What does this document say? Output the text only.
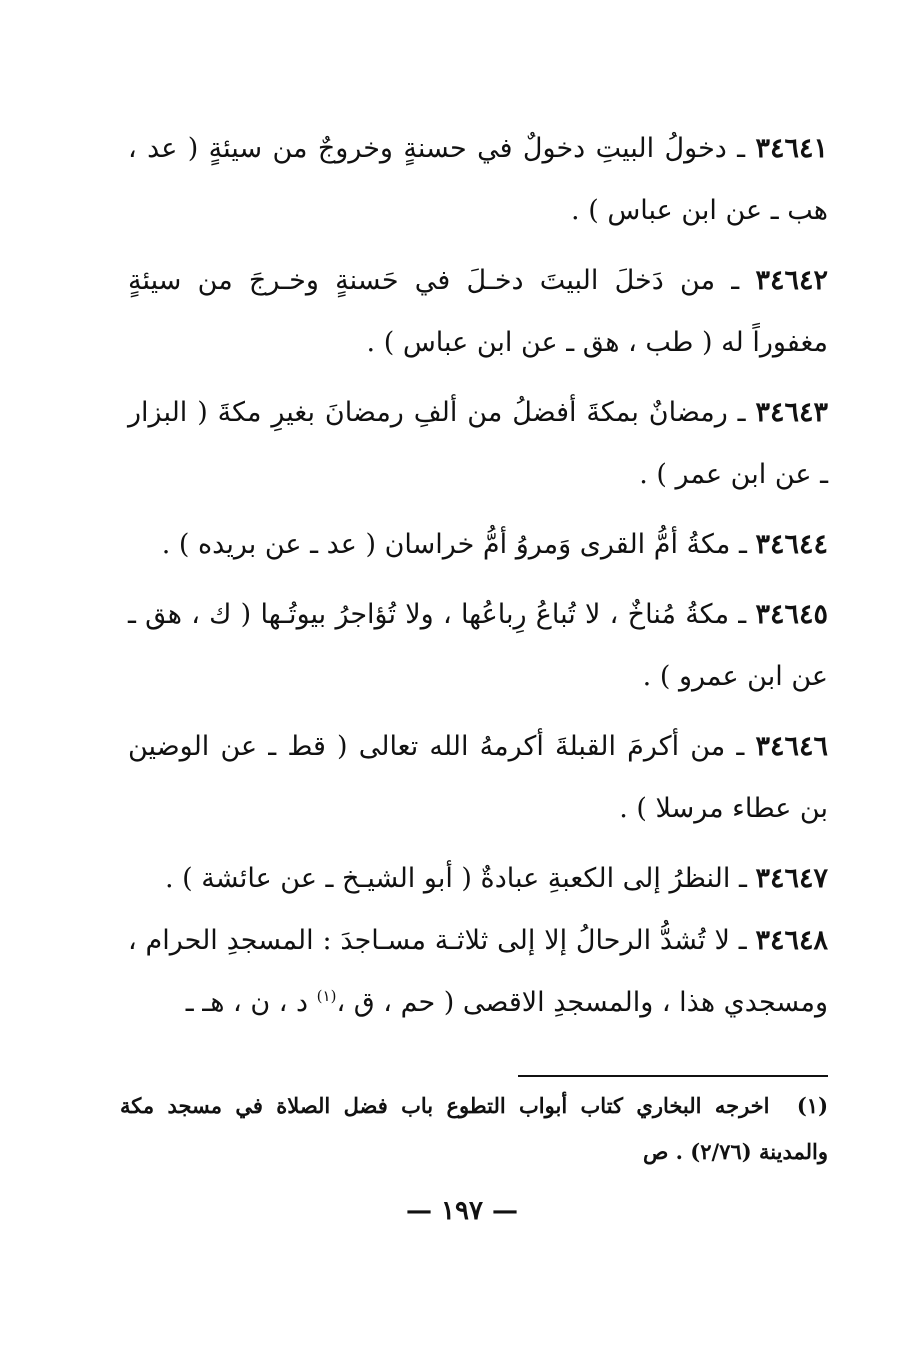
٣٤٦٤١ ـ دخولُ البيتِ دخولٌ في حسنةٍ وخروجٌ من سيئةٍ ( عد ، هب ـ عن ابن عباس ) .

٣٤٦٤٢ ـ من دَخلَ البيتَ دخـلَ في حَسنةٍ وخـرجَ من سيئةٍ مغفوراً له ( طب ، هق ـ عن ابن عباس ) .

٣٤٦٤٣ ـ رمضانٌ بمكةَ أفضلُ من ألفِ رمضانَ بغيرِ مكةَ ( البزار ـ عن ابن عمر ) .

٣٤٦٤٤ ـ مكةُ أمُّ القرى وَمروُ أمُّ خراسان ( عد ـ عن بريده ) .

٣٤٦٤٥ ـ مكةُ مُناخٌ ، لا تُباعُ رِباعُها ، ولا تُؤاجرُ بيوتُـها ( ك ، هق ـ عن ابن عمرو ) .

٣٤٦٤٦ ـ من أكرمَ القبلةَ أكرمهُ الله تعالى ( قط ـ عن الوضين بن عطاء مرسلا ) .

٣٤٦٤٧ ـ النظرُ إلى الكعبةِ عبادةٌ ( أبو الشيـخ ـ عن عائشة ) .

٣٤٦٤٨ ـ لا تُشدُّ الرحالُ إلا إلى ثلاثـة مسـاجدَ : المسجدِ الحرام ، ومسجدي هذا ، والمسجدِ الاقصى ( حم ، ق ،$^{(١)}$ د ، ن ، هـ ـ

(١) اخرجه البخاري كتاب أبواب التطوع باب فضل الصلاة في مسجد مكة والمدينة (٢/٧٦) . ص
— ١٩٧ —
